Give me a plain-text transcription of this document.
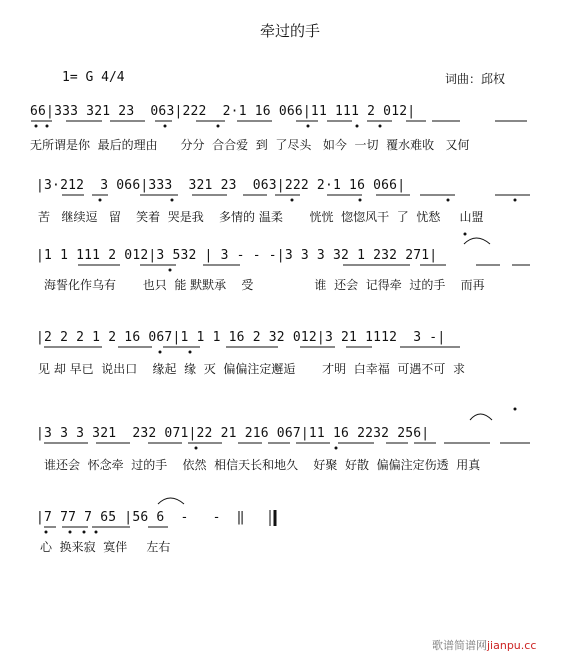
牵过的手
1= G 4/4	词曲：邱权
66|333 321 23  063|222  2·1 16 066|11 111 2 012|
无所谓是你  最后的理由      分分  合合爱  到  了尽头   如今  一切  覆水难收   又何
|3·212  3 066|333  321 23  063|222 2·1 16 066|
苦   继续逗   留    笑着  哭是我    多情的 温柔       恍恍  惚惚风干  了  忧愁     山盟
|1 1 111 2 012|3 532 | 3 - - -|3 3 3 32 1 232 271|
海誓化作乌有       也只  能 默默承    受                谁  还会  记得牵  过的手    而再
|2 2 2 1 2 16 067|1 1 1 16 2 32 012|3 21 1112  3 -|
见 却 早已  说出口    缘起  缘  灭  偏偏注定邂逅       才明  白幸福  可遇不可  求
|3 3 3 321  232 071|22 21 216 067|11 16 2232 256|
谁还会  怀念牵  过的手    依然  相信天长和地久    好聚  好散  偏偏注定伤透  用真
|7 77 7 65 |56 6  -   -  ‖
心  换来寂  寞伴     左右
歌谱简谱网jianpu.cc
